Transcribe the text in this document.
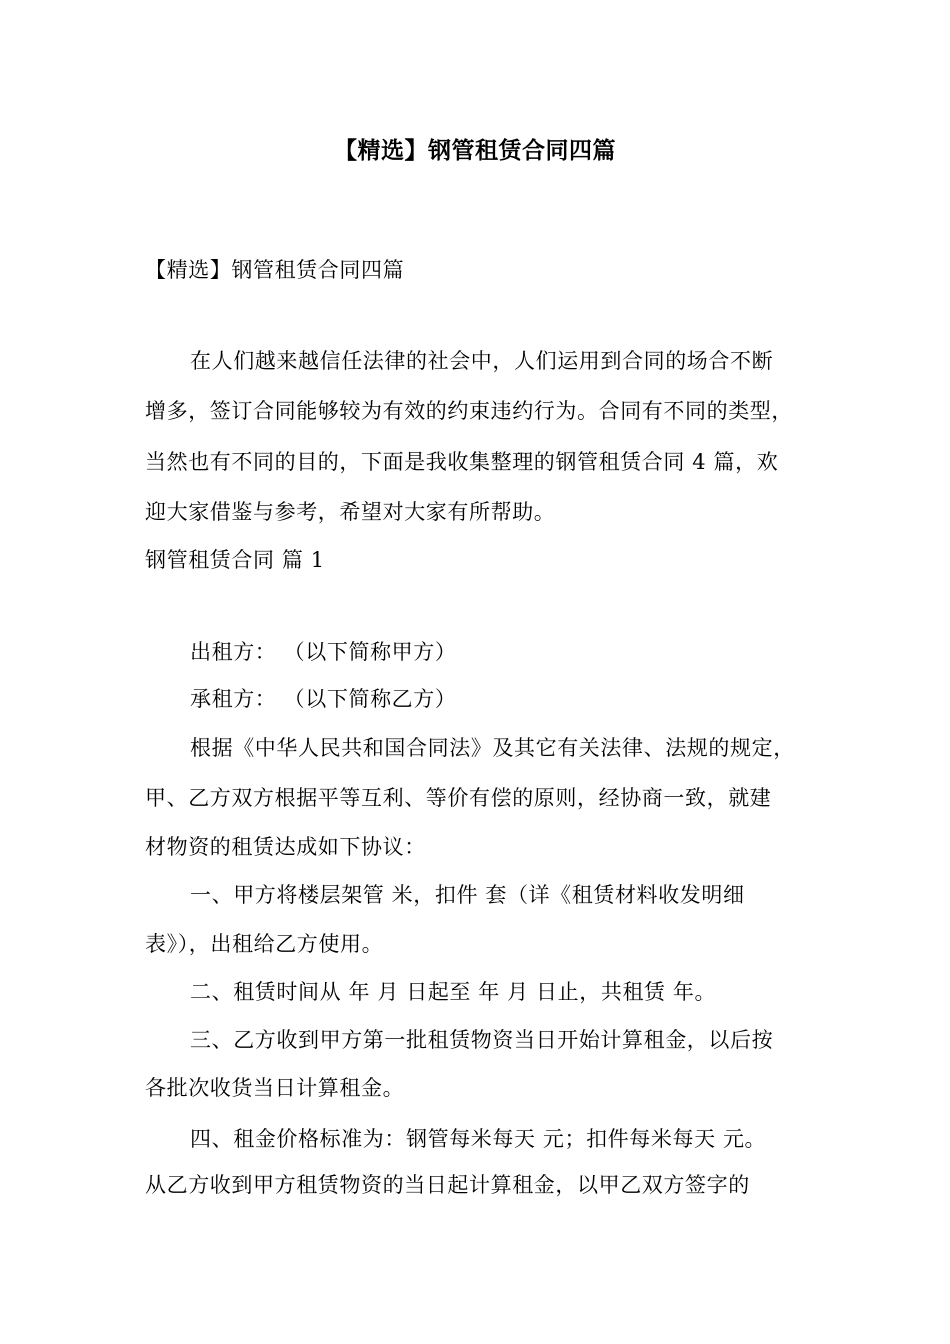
【精选】钢管租赁合同四篇
【精选】钢管租赁合同四篇
在人们越来越信任法律的社会中，人们运用到合同的场合不断
增多，签订合同能够较为有效的约束违约行为。合同有不同的类型，
当然也有不同的目的，下面是我收集整理的钢管租赁合同 4 篇，欢
迎大家借鉴与参考，希望对大家有所帮助。
钢管租赁合同 篇 1
出租方： （以下简称甲方）
承租方： （以下简称乙方）
根据《中华人民共和国合同法》及其它有关法律、法规的规定，
甲、乙方双方根据平等互利、等价有偿的原则，经协商一致，就建
材物资的租赁达成如下协议：
一、甲方将楼层架管 米，扣件 套（详《租赁材料收发明细
表》），出租给乙方使用。
二、租赁时间从 年 月 日起至 年 月 日止，共租赁 年。
三、乙方收到甲方第一批租赁物资当日开始计算租金，以后按
各批次收货当日计算租金。
四、租金价格标准为：钢管每米每天 元；扣件每米每天 元。
从乙方收到甲方租赁物资的当日起计算租金，以甲乙双方签字的
